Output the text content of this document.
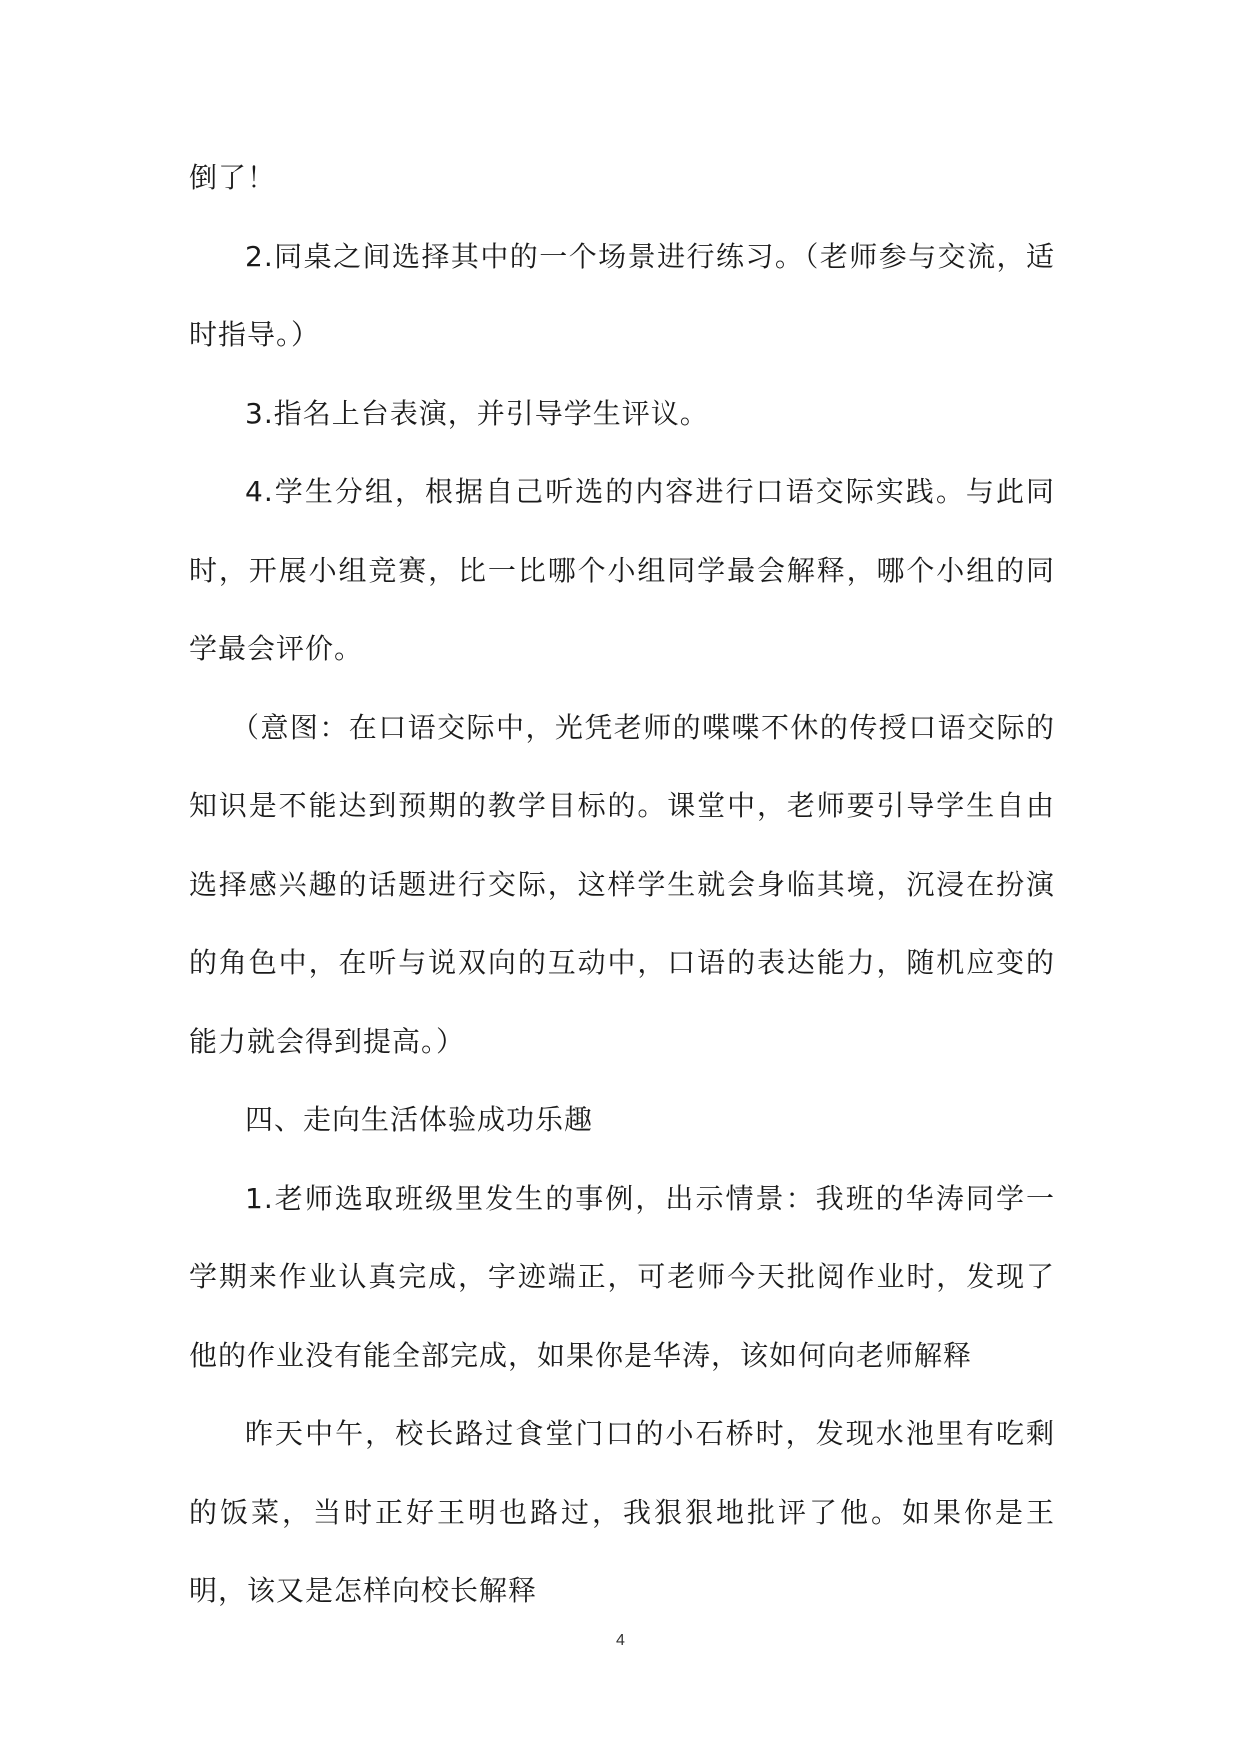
倒了！

2.同桌之间选择其中的一个场景进行练习。（老师参与交流，适时指导。）

3.指名上台表演，并引导学生评议。

4.学生分组，根据自己听选的内容进行口语交际实践。与此同时，开展小组竞赛，比一比哪个小组同学最会解释，哪个小组的同学最会评价。

（意图：在口语交际中，光凭老师的喋喋不休的传授口语交际的知识是不能达到预期的教学目标的。课堂中，老师要引导学生自由选择感兴趣的话题进行交际，这样学生就会身临其境，沉浸在扮演的角色中，在听与说双向的互动中，口语的表达能力，随机应变的能力就会得到提高。）

四、走向生活体验成功乐趣

1.老师选取班级里发生的事例，出示情景：我班的华涛同学一学期来作业认真完成，字迹端正，可老师今天批阅作业时，发现了他的作业没有能全部完成，如果你是华涛，该如何向老师解释

昨天中午，校长路过食堂门口的小石桥时，发现水池里有吃剩的饭菜，当时正好王明也路过，我狠狠地批评了他。如果你是王明，该又是怎样向校长解释

4
